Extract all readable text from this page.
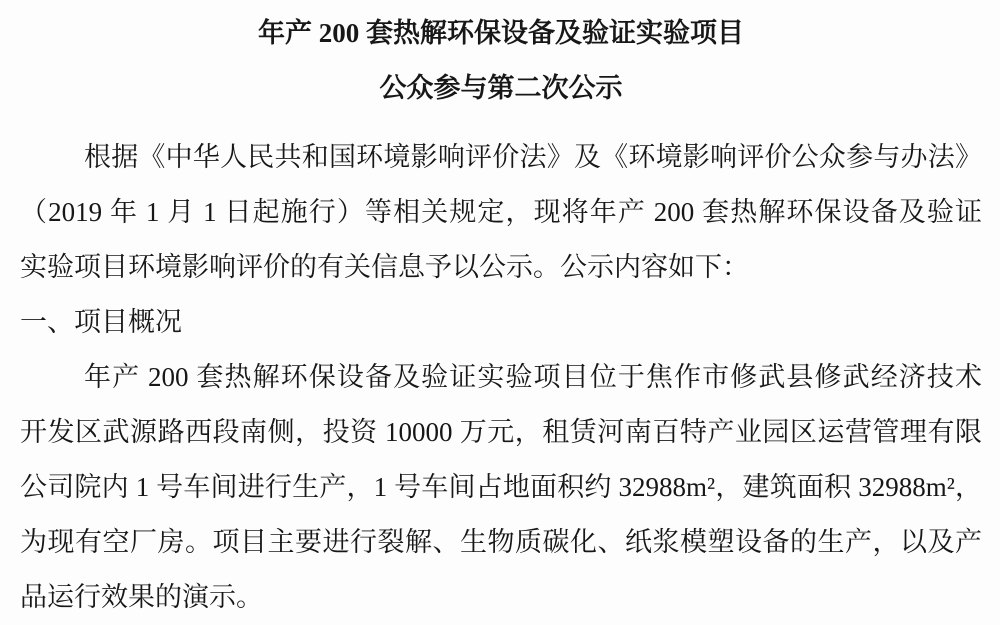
年产 200 套热解环保设备及验证实验项目
公众参与第二次公示
根据《中华人民共和国环境影响评价法》及《环境影响评价公众参与办法》
（2019 年 1 月 1 日起施行）等相关规定，现将年产 200 套热解环保设备及验证
实验项目环境影响评价的有关信息予以公示。公示内容如下：
一、项目概况
年产 200 套热解环保设备及验证实验项目位于焦作市修武县修武经济技术
开发区武源路西段南侧，投资 10000 万元，租赁河南百特产业园区运营管理有限
公司院内 1 号车间进行生产，1 号车间占地面积约 32988m²，建筑面积 32988m²，
为现有空厂房。项目主要进行裂解、生物质碳化、纸浆模塑设备的生产，以及产
品运行效果的演示。
